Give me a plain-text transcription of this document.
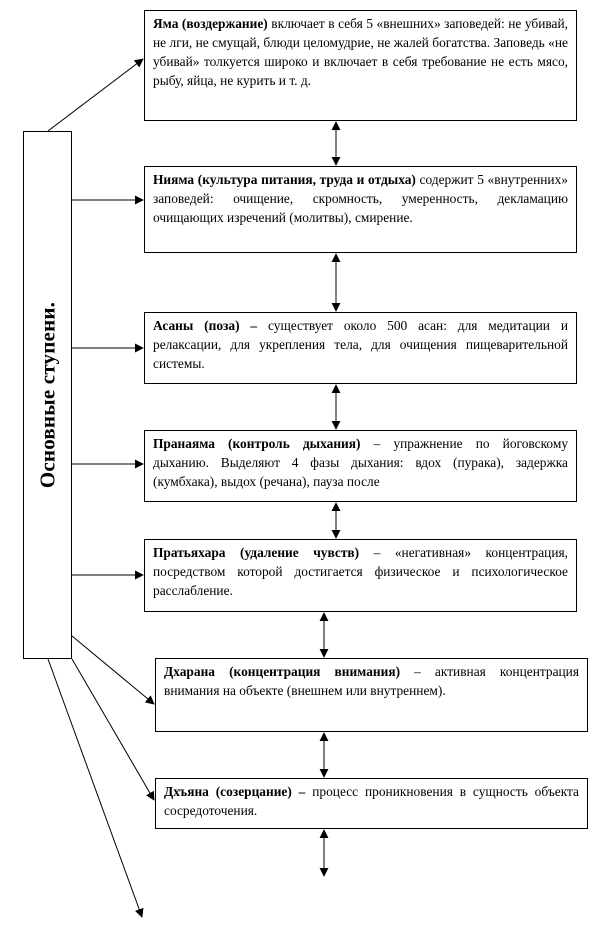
Основные ступени.
Яма (воздержание) включает в себя 5 «внешних» заповедей: не убивай, не лги, не смущай, блюди целомудрие, не жалей богатства. Заповедь «не убивай» толкуется широко и включает в себя требование не есть мясо, рыбу, яйца, не курить и т. д.
Нияма (культура питания, труда и отдыха) содержит 5 «внутренних» заповедей: очищение, скромность, умеренность, декламацию очищающих изречений (молитвы), смирение.
Асаны (поза) – существует около 500 асан: для медитации и релаксации, для укрепления тела, для очищения пищеварительной системы.
Пранаяма (контроль дыхания) – упражнение по йоговскому дыханию. Выделяют 4 фазы дыхания: вдох (пурака), задержка (кумбхака), выдох (речана), пауза после
Пратьяхара (удаление чувств) – «негативная» концентрация, посредством которой достигается физическое и психологическое расслабление.
Дхарана (концентрация внимания) – активная концентрация внимания на объекте (внешнем или внутреннем).
Дхъяна (созерцание) – процесс проникновения в сущность объекта сосредоточения.
